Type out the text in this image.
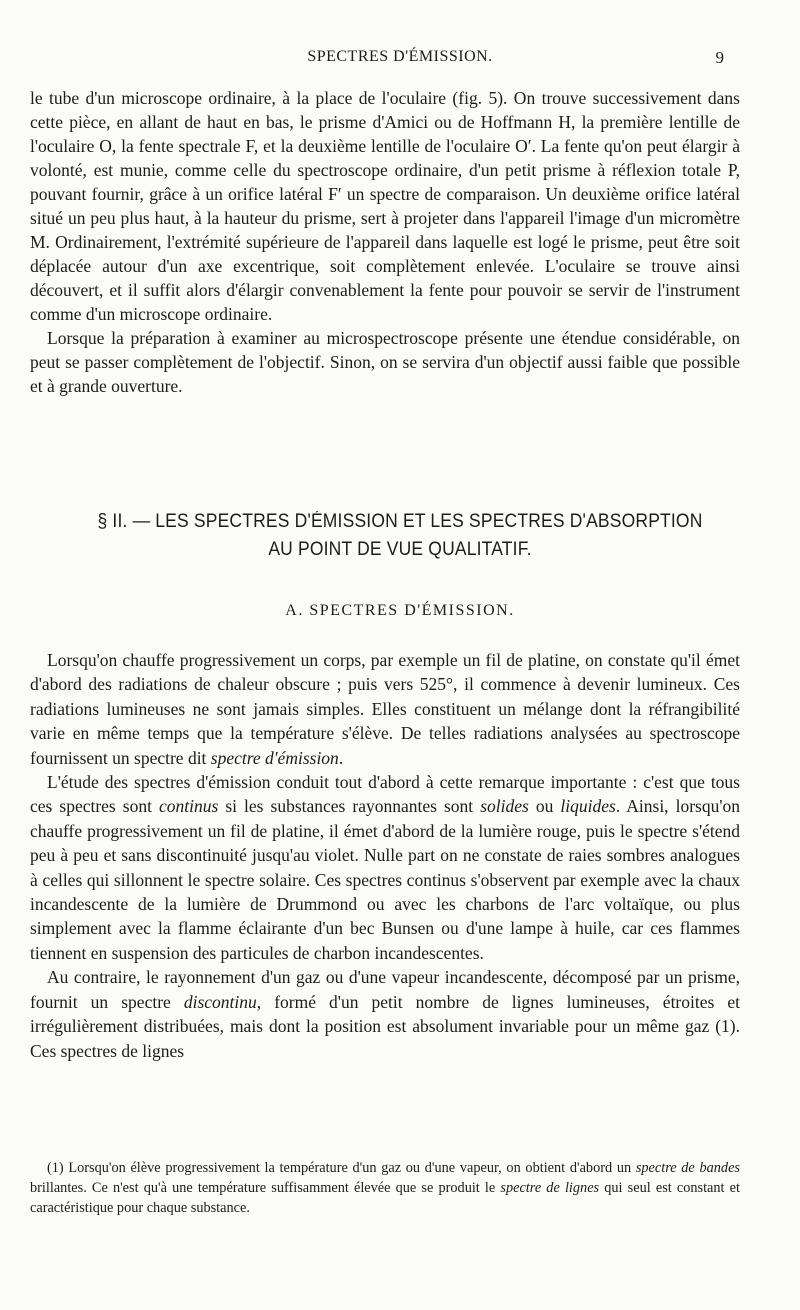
SPECTRES D'ÉMISSION.	9

le tube d'un microscope ordinaire, à la place de l'oculaire (fig. 5). On trouve successivement dans cette pièce, en allant de haut en bas, le prisme d'Amici ou de Hoffmann H, la première lentille de l'oculaire O, la fente spectrale F, et la deuxième lentille de l'oculaire O′. La fente qu'on peut élargir à volonté, est munie, comme celle du spectroscope ordinaire, d'un petit prisme à réflexion totale P, pouvant fournir, grâce à un orifice latéral F′ un spectre de comparaison. Un deuxième orifice latéral situé un peu plus haut, à la hauteur du prisme, sert à projeter dans l'appareil l'image d'un micromètre M. Ordinairement, l'extrémité supérieure de l'appareil dans laquelle est logé le prisme, peut être soit déplacée autour d'un axe excentrique, soit complètement enlevée. L'oculaire se trouve ainsi découvert, et il suffit alors d'élargir convenablement la fente pour pouvoir se servir de l'instrument comme d'un microscope ordinaire.

Lorsque la préparation à examiner au microspectroscope présente une étendue considérable, on peut se passer complètement de l'objectif. Sinon, on se servira d'un objectif aussi faible que possible et à grande ouverture.

§ II. — LES SPECTRES D'ÉMISSION ET LES SPECTRES D'ABSORPTION
AU POINT DE VUE QUALITATIF.
A. SPECTRES D'ÉMISSION.

Lorsqu'on chauffe progressivement un corps, par exemple un fil de platine, on constate qu'il émet d'abord des radiations de chaleur obscure ; puis vers 525°, il commence à devenir lumineux. Ces radiations lumineuses ne sont jamais simples. Elles constituent un mélange dont la réfrangibilité varie en même temps que la température s'élève. De telles radiations analysées au spectroscope fournissent un spectre dit spectre d'émission.

L'étude des spectres d'émission conduit tout d'abord à cette remarque importante : c'est que tous ces spectres sont continus si les substances rayonnantes sont solides ou liquides. Ainsi, lorsqu'on chauffe progressivement un fil de platine, il émet d'abord de la lumière rouge, puis le spectre s'étend peu à peu et sans discontinuité jusqu'au violet. Nulle part on ne constate de raies sombres analogues à celles qui sillonnent le spectre solaire. Ces spectres continus s'observent par exemple avec la chaux incandescente de la lumière de Drummond ou avec les charbons de l'arc voltaïque, ou plus simplement avec la flamme éclairante d'un bec Bunsen ou d'une lampe à huile, car ces flammes tiennent en suspension des particules de charbon incandescentes.

Au contraire, le rayonnement d'un gaz ou d'une vapeur incandescente, décomposé par un prisme, fournit un spectre discontinu, formé d'un petit nombre de lignes lumineuses, étroites et irrégulièrement distribuées, mais dont la position est absolument invariable pour un même gaz (1). Ces spectres de lignes

(1) Lorsqu'on élève progressivement la température d'un gaz ou d'une vapeur, on obtient d'abord un spectre de bandes brillantes. Ce n'est qu'à une température suffisamment élevée que se produit le spectre de lignes qui seul est constant et caractéristique pour chaque substance.
